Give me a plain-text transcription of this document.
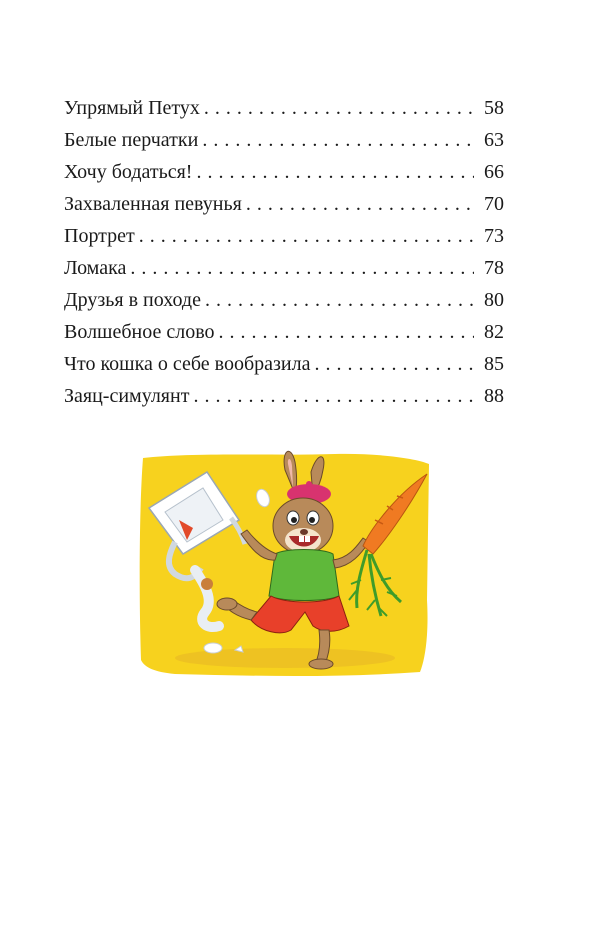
Упрямый Петух . . .	58
Белые перчатки . . .	63
Хочу бодаться! . . .	66
Захваленная певунья . . .	70
Портрет . . .	73
Ломака . . .	78
Друзья в походе . . .	80
Волшебное слово . . .	82
Что кошка о себе вообразила . . .	85
Заяц-симулянт . . .	88
